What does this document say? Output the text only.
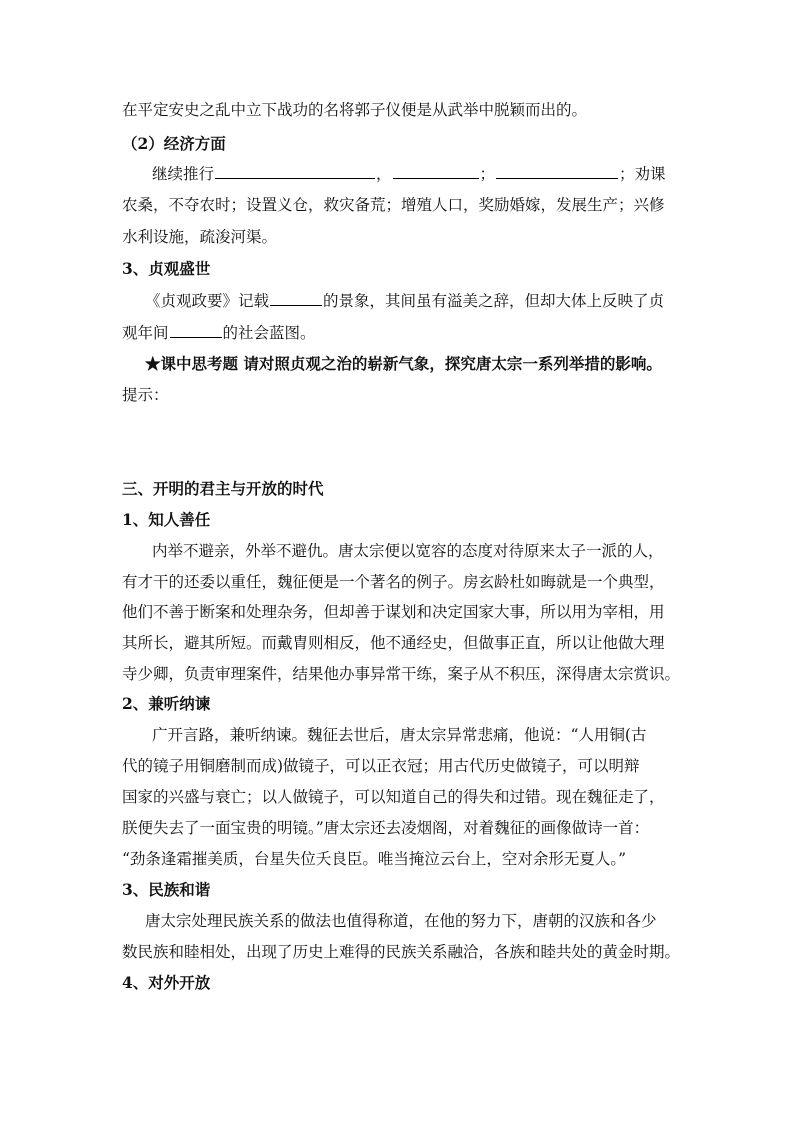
在平定安史之乱中立下战功的名将郭子仪便是从武举中脱颖而出的。

（2）经济方面

继续推行	，	；	；劝课

农桑，不夺农时；设置义仓，救灾备荒；增殖人口，奖励婚嫁，发展生产；兴修

水利设施，疏浚河渠。

3、贞观盛世

《贞观政要》记载	的景象，其间虽有溢美之辞，但却大体上反映了贞

观年间	的社会蓝图。

★课中思考题 请对照贞观之治的崭新气象，探究唐太宗一系列举措的影响。

提示：

三、开明的君主与开放的时代

1、知人善任

内举不避亲，外举不避仇。唐太宗便以宽容的态度对待原来太子一派的人，

有才干的还委以重任，魏征便是一个著名的例子。房玄龄杜如晦就是一个典型，

他们不善于断案和处理杂务，但却善于谋划和决定国家大事，所以用为宰相，用

其所长，避其所短。而戴胄则相反，他不通经史，但做事正直，所以让他做大理

寺少卿，负责审理案件，结果他办事异常干练，案子从不积压，深得唐太宗赏识。

2、兼听纳谏

广开言路，兼听纳谏。魏征去世后，唐太宗异常悲痛，他说：“人用铜(古

代的镜子用铜磨制而成)做镜子，可以正衣冠；用古代历史做镜子，可以明辩

国家的兴盛与衰亡；以人做镜子，可以知道自己的得失和过错。现在魏征走了，

朕便失去了一面宝贵的明镜。”唐太宗还去凌烟阁，对着魏征的画像做诗一首：

“劲条逢霜摧美质，台星失位夭良臣。唯当掩泣云台上，空对余形无夏人。”

3、民族和谐

唐太宗处理民族关系的做法也值得称道，在他的努力下，唐朝的汉族和各少

数民族和睦相处，出现了历史上难得的民族关系融洽，各族和睦共处的黄金时期。

4、对外开放
